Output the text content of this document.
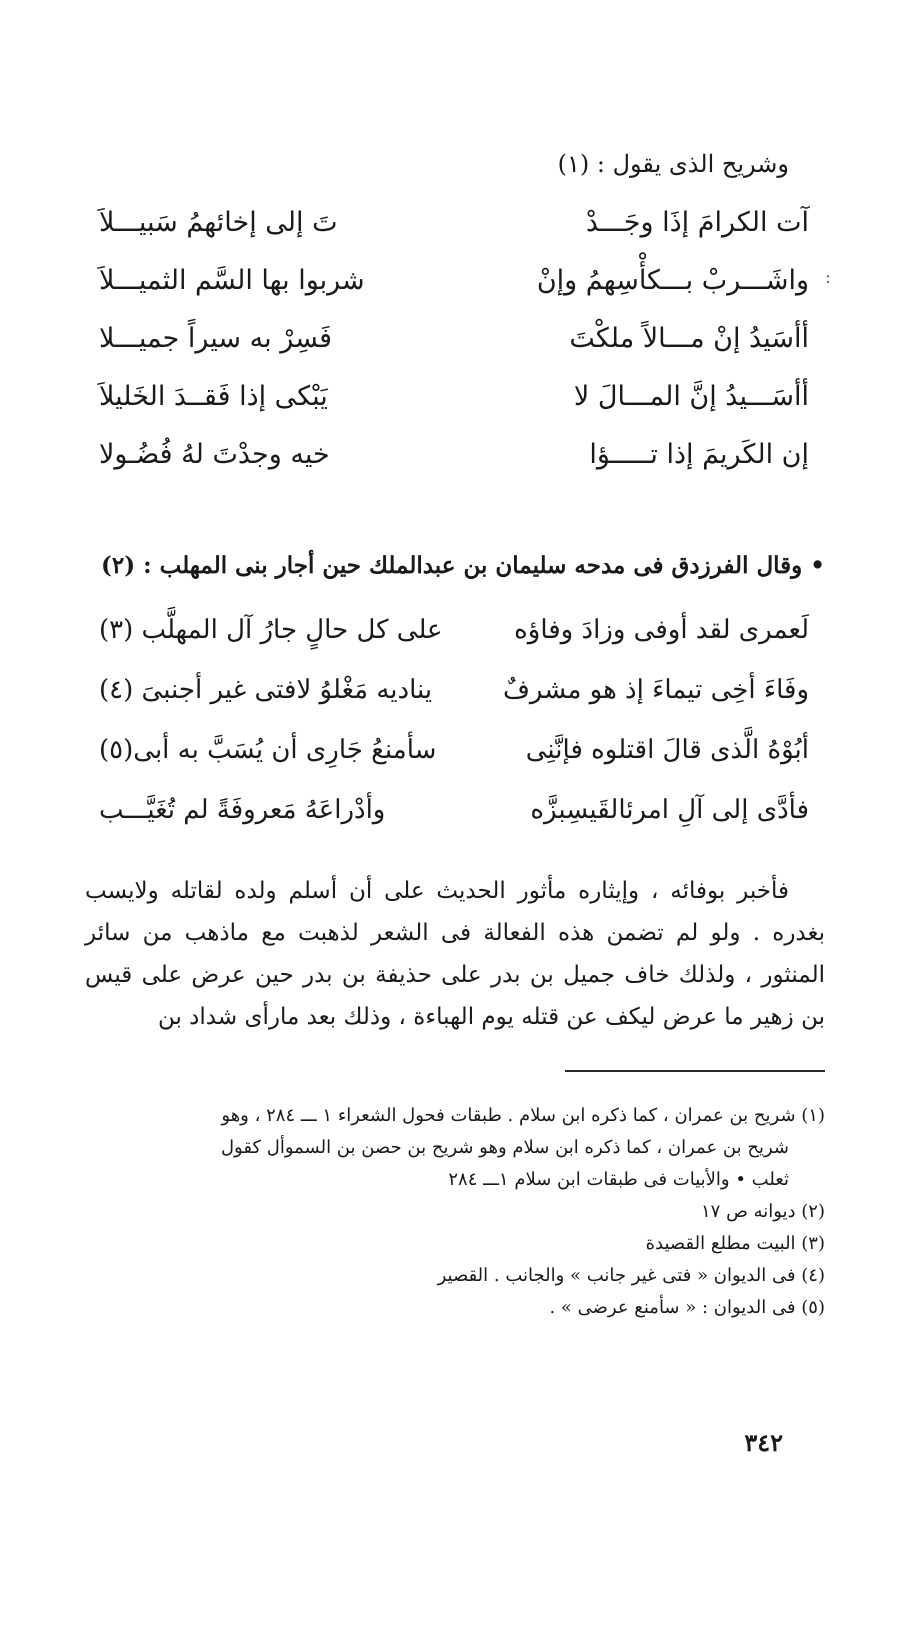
وشريح الذى يقول : (١)
آت الكرامَ إذَا وجَـــدْ
تَ إلى إخائهمُ سَبيـــلاَ
:
واشَـــربْ بـــكأْسِهمُ وإنْ
شربوا بها السَّم الثميـــلاَ
أأسَيدُ إنْ مـــالاً ملكْتَ
فَسِرْ به سيراً جميـــلا
أأسَـــيدُ إنَّ المـــالَ لا
يَبْكى إذا فَقــدَ الخَليلاَ
إن الكَريمَ إذا تـــــؤا
خيه وجدْتَ لهُ فُضُـولا
• وقال الفرزدق فى مدحه سليمان بن عبدالملك حين أجار بنى المهلب : (٢)
لَعمرى لقد أوفى وزادَ وفاؤه
على كل حالٍ جارُ آل المهلَّب (٣)
وفَاءَ أخِى تيماءَ إذ هو مشرفٌ
يناديه مَغْلوُ لافتى غير أجنبىَ (٤)
أبُوْهُ الَّذى قالَ اقتلوه فإنَّنِى
سأمنعُ جَارِى أن يُسَبَّ به أبى(٥)
فأدَّى إلى آلِ امرئالقَيسِبزَّه
وأدْراعَهُ مَعروفَةً لم تُغَيَّـــب

فأخبر بوفائه ، وإيثاره مأثور الحديث على أن أسلم ولده لقاتله ولايسب بغدره . ولو لم تضمن هذه الفعالة فى الشعر لذهبت مع ماذهب من سائر المنثور ، ولذلك خاف جميل بن بدر على حذيفة بن بدر حين عرض على قيس بن زهير ما عرض ليكف عن قتله يوم الهباءة ، وذلك بعد مارأى شداد بن

(١) شريح بن عمران ، كما ذكره ابن سلام . طبقات فحول الشعراء ١ ـــ ٢٨٤ ، وهو

شريح بن عمران ، كما ذكره ابن سلام وهو شريح بن حصن بن السموأل كقول

ثعلب • والأبيات فى طبقات ابن سلام ١ـــ ٢٨٤

(٢) ديوانه ص ١٧

(٣) البيت مطلع القصيدة

(٤) فى الديوان « فتى غير جانب » والجانب . القصير

(٥) فى الديوان : « سأمنع عرضى » .

٣٤٢
